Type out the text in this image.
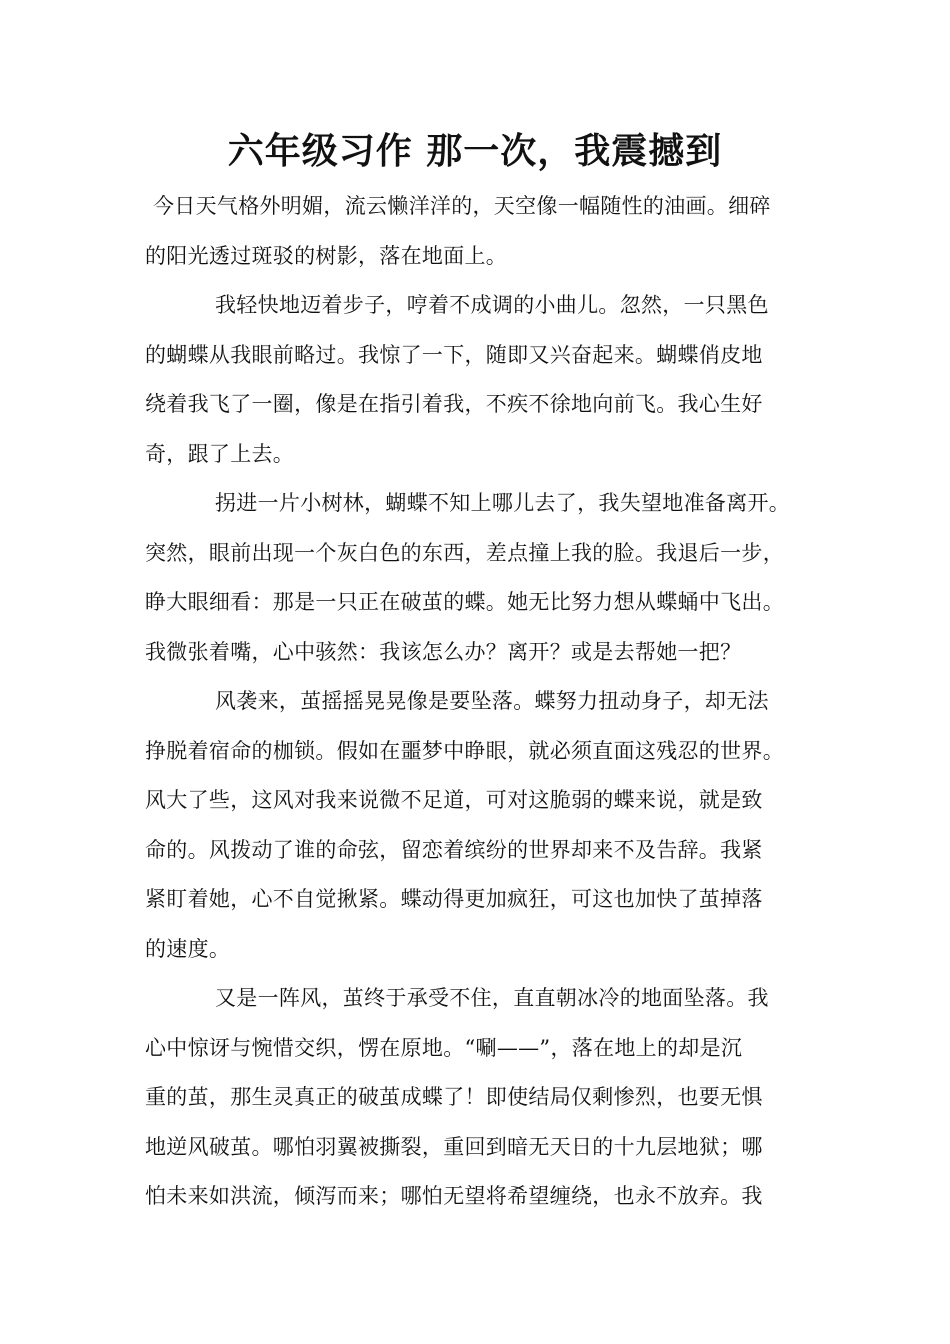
六年级习作 那一次，我震撼到
今日天气格外明媚，流云懒洋洋的，天空像一幅随性的油画。细碎
的阳光透过斑驳的树影，落在地面上。
我轻快地迈着步子，哼着不成调的小曲儿。忽然，一只黑色
的蝴蝶从我眼前略过。我惊了一下，随即又兴奋起来。蝴蝶俏皮地
绕着我飞了一圈，像是在指引着我，不疾不徐地向前飞。我心生好
奇，跟了上去。
拐进一片小树林，蝴蝶不知上哪儿去了，我失望地准备离开。
突然，眼前出现一个灰白色的东西，差点撞上我的脸。我退后一步，
睁大眼细看：那是一只正在破茧的蝶。她无比努力想从蝶蛹中飞出。
我微张着嘴，心中骇然：我该怎么办？离开？或是去帮她一把？
风袭来，茧摇摇晃晃像是要坠落。蝶努力扭动身子，却无法
挣脱着宿命的枷锁。假如在噩梦中睁眼，就必须直面这残忍的世界。
风大了些，这风对我来说微不足道，可对这脆弱的蝶来说，就是致
命的。风拨动了谁的命弦，留恋着缤纷的世界却来不及告辞。我紧
紧盯着她，心不自觉揪紧。蝶动得更加疯狂，可这也加快了茧掉落
的速度。
又是一阵风，茧终于承受不住，直直朝冰冷的地面坠落。我
心中惊讶与惋惜交织，愣在原地。“唰——”，落在地上的却是沉
重的茧，那生灵真正的破茧成蝶了！即使结局仅剩惨烈，也要无惧
地逆风破茧。哪怕羽翼被撕裂，重回到暗无天日的十九层地狱；哪
怕未来如洪流，倾泻而来；哪怕无望将希望缠绕，也永不放弃。我
